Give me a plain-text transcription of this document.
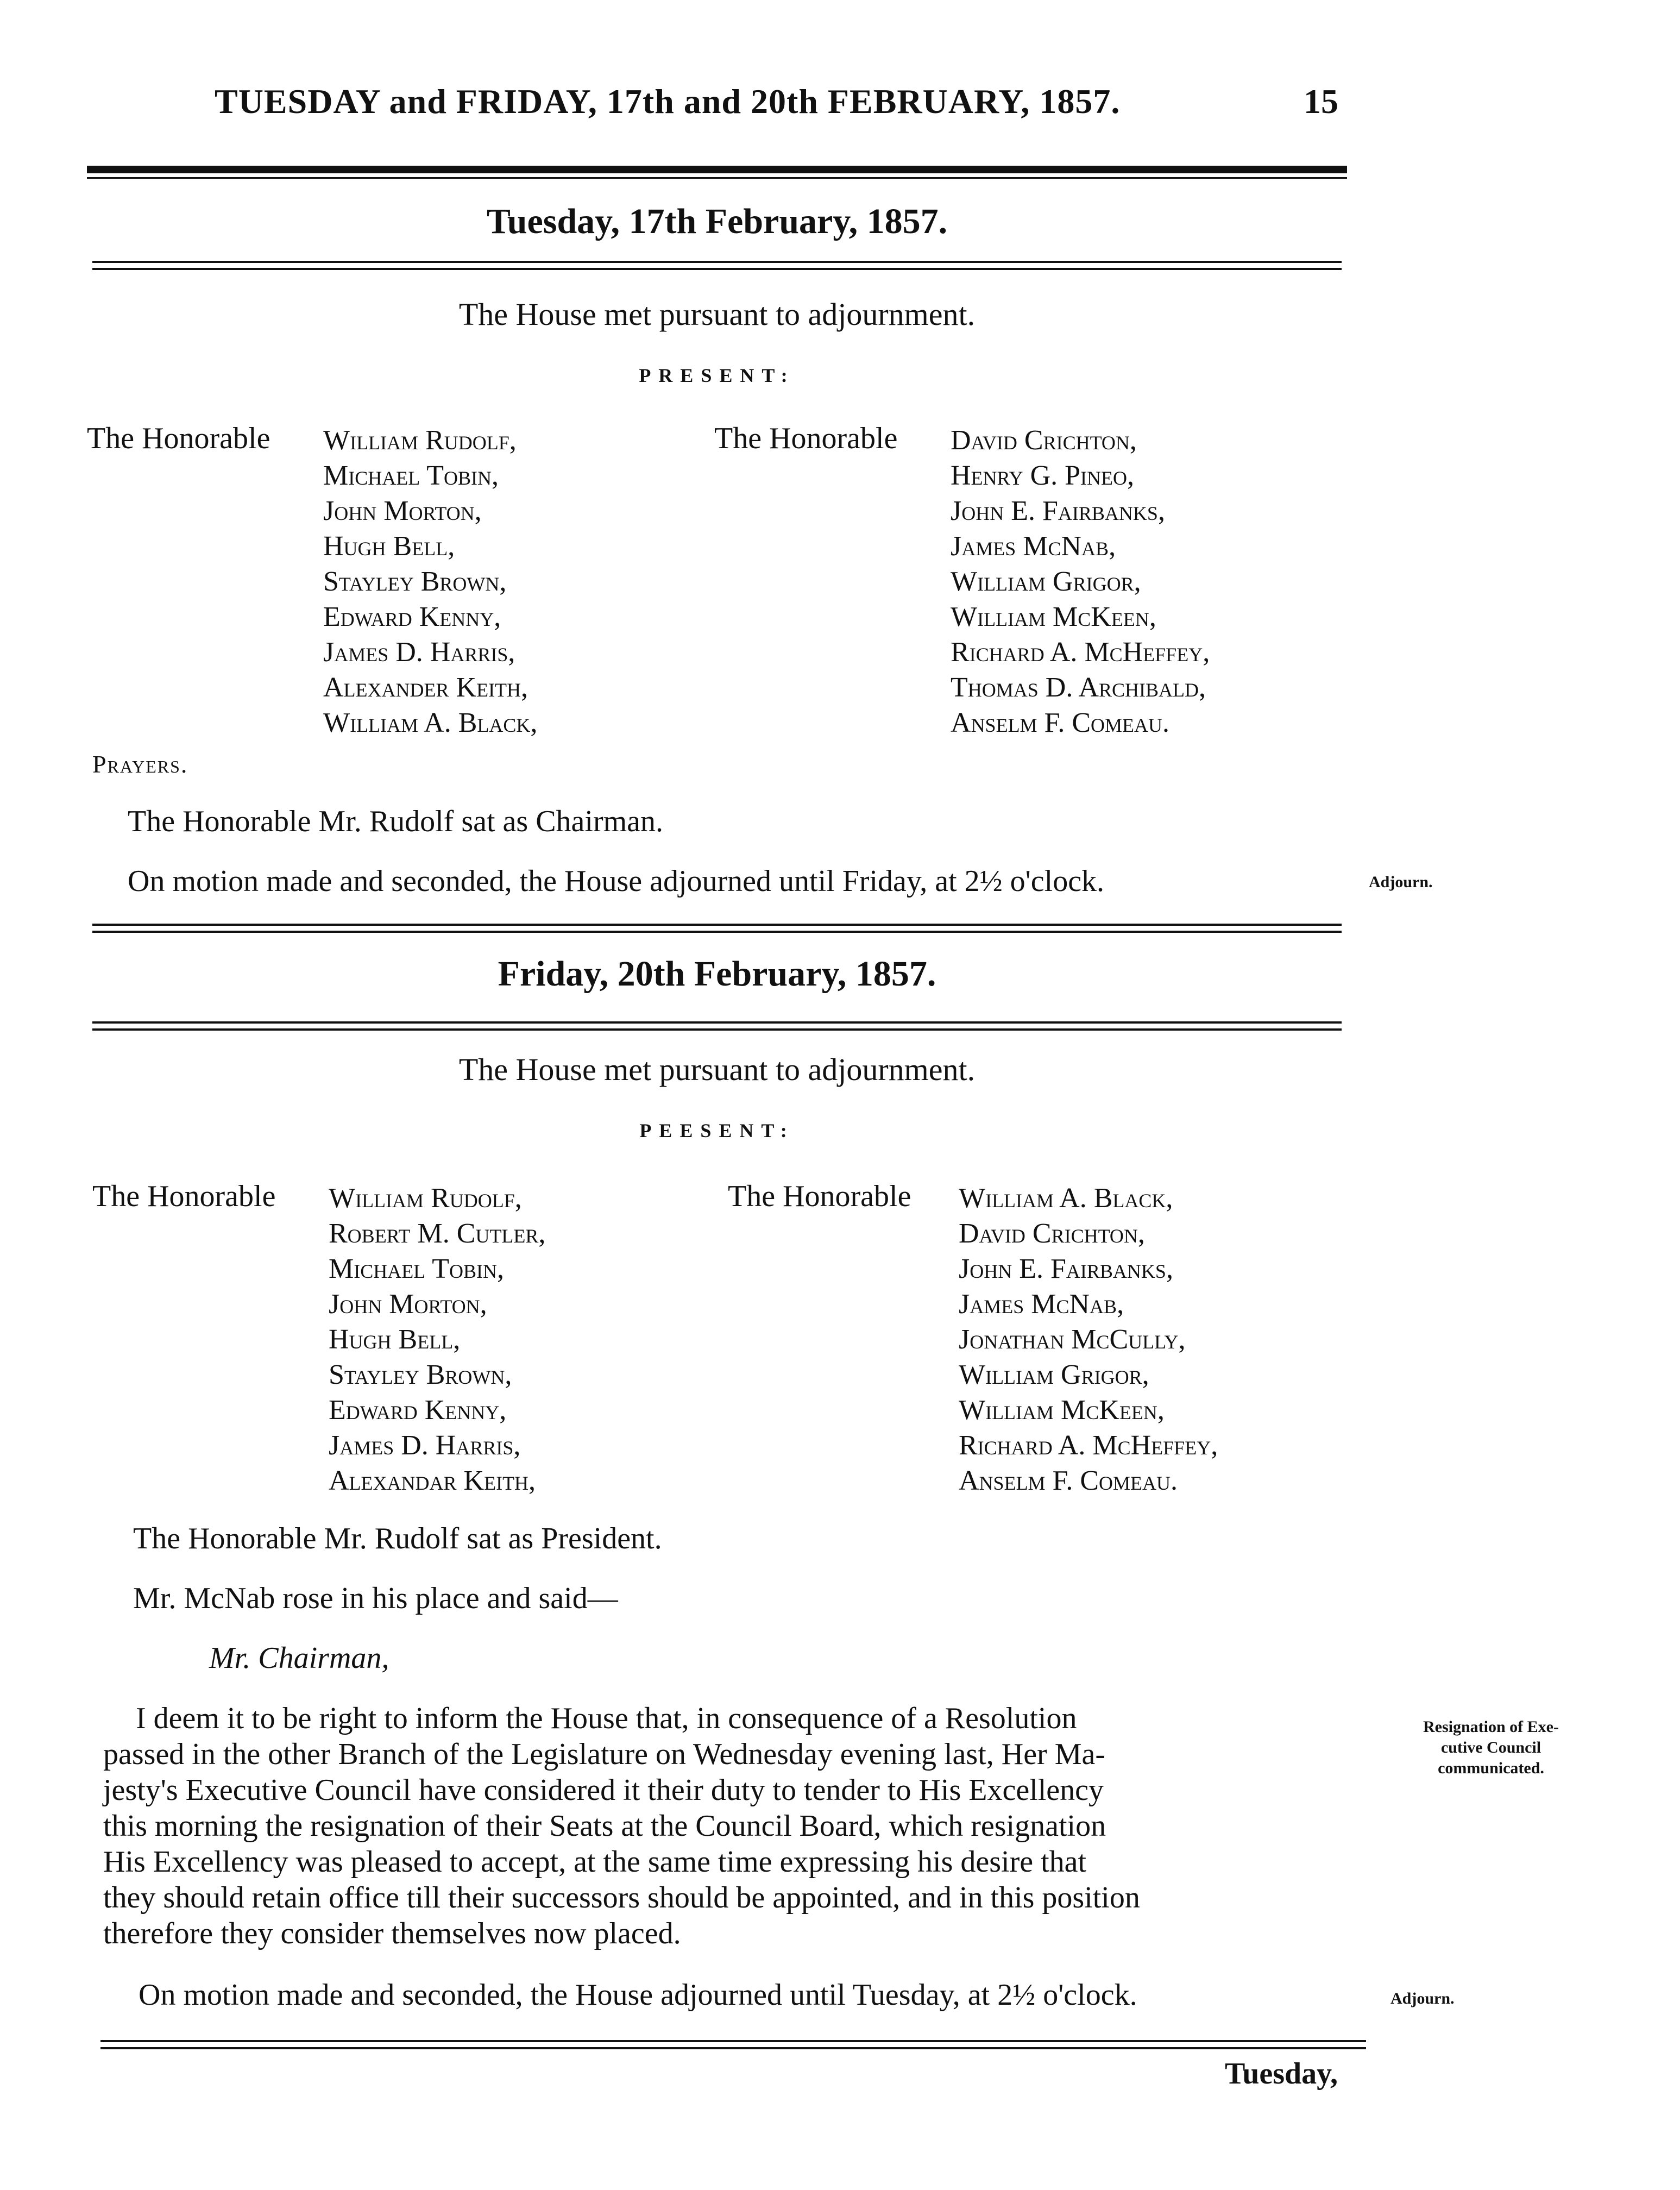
TUESDAY and FRIDAY, 17th and 20th FEBRUARY, 1857.	15
Tuesday, 17th February, 1857.
The House met pursuant to adjournment.
PRESENT:
The Honorable William Rudolf,
Michael Tobin,
John Morton,
Hugh Bell,
Stayley Brown,
Edward Kenny,
James D. Harris,
Alexander Keith,
William A. Black,
The Honorable David Crichton,
Henry G. Pineo,
John E. Fairbanks,
James McNab,
William Grigor,
William McKeen,
Richard A. McHeffey,
Thomas D. Archibald,
Anselm F. Comeau.
Prayers.
The Honorable Mr. Rudolf sat as Chairman.
On motion made and seconded, the House adjourned until Friday, at 2½ o'clock.	Adjourn.
Friday, 20th February, 1857.
The House met pursuant to adjournment.
PEESENT:
The Honorable William Rudolf,
Robert M. Cutler,
Michael Tobin,
John Morton,
Hugh Bell,
Stayley Brown,
Edward Kenny,
James D. Harris,
Alexandar Keith,
The Honorable William A. Black,
David Crichton,
John E. Fairbanks,
James McNab,
Jonathan McCully,
William Grigor,
William McKeen,
Richard A. McHeffey,
Anselm F. Comeau.
The Honorable Mr. Rudolf sat as President.
Mr. McNab rose in his place and said—
Mr. Chairman,
I deem it to be right to inform the House that, in consequence of a Resolution
passed in the other Branch of the Legislature on Wednesday evening last, Her Ma-
jesty's Executive Council have considered it their duty to tender to His Excellency
this morning the resignation of their Seats at the Council Board, which resignation
His Excellency was pleased to accept, at the same time expressing his desire that
they should retain office till their successors should be appointed, and in this position
therefore they consider themselves now placed.
Resignation of Exe-
cutive Council
communicated.
On motion made and seconded, the House adjourned until Tuesday, at 2½ o'clock.	Adjourn.
Tuesday,
